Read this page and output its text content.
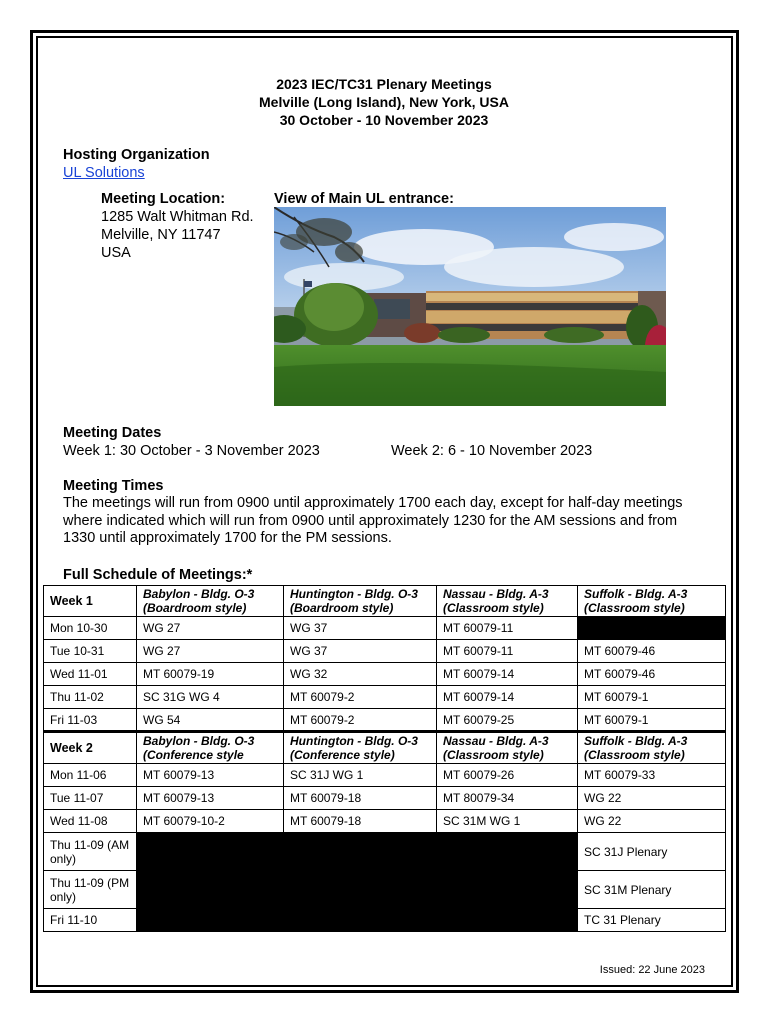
2023 IEC/TC31 Plenary Meetings
Melville (Long Island), New York, USA
30 October - 10 November 2023
Hosting Organization
UL Solutions
Meeting Location:
1285 Walt Whitman Rd.
Melville, NY 11747
USA
View of Main UL entrance:
Meeting Dates
Week 1: 30 October - 3 November 2023	Week 2: 6 - 10 November 2023
Meeting Times
The meetings will run from 0900 until approximately 1700 each day, except for half-day meetings where indicated which will run from 0900 until approximately 1230 for the AM sessions and from 1330 until approximately 1700 for the PM sessions.
Full Schedule of Meetings:*
Week 1	Babylon - Bldg. O-3 (Boardroom style)	Huntington - Bldg. O-3 (Boardroom style)	Nassau - Bldg. A-3 (Classroom style)	Suffolk - Bldg. A-3 (Classroom style)
Mon 10-30	WG 27	WG 37	MT 60079-11	
Tue 10-31	WG 27	WG 37	MT 60079-11	MT 60079-46
Wed 11-01	MT 60079-19	WG 32	MT 60079-14	MT 60079-46
Thu 11-02	SC 31G WG 4	MT 60079-2	MT 60079-14	MT 60079-1
Fri 11-03	WG 54	MT 60079-2	MT 60079-25	MT 60079-1
Week 2	Babylon - Bldg. O-3 (Conference style	Huntington - Bldg. O-3 (Conference style)	Nassau - Bldg. A-3 (Classroom style)	Suffolk - Bldg. A-3 (Classroom style)
Mon 11-06	MT 60079-13	SC 31J WG 1	MT 60079-26	MT 60079-33
Tue 11-07	MT 60079-13	MT 60079-18	MT 80079-34	WG 22
Wed 11-08	MT 60079-10-2	MT 60079-18	SC 31M WG 1	WG 22
Thu 11-09 (AM only)				SC 31J Plenary
Thu 11-09 (PM only)				SC 31M Plenary
Fri 11-10				TC 31 Plenary
Issued: 22 June 2023
